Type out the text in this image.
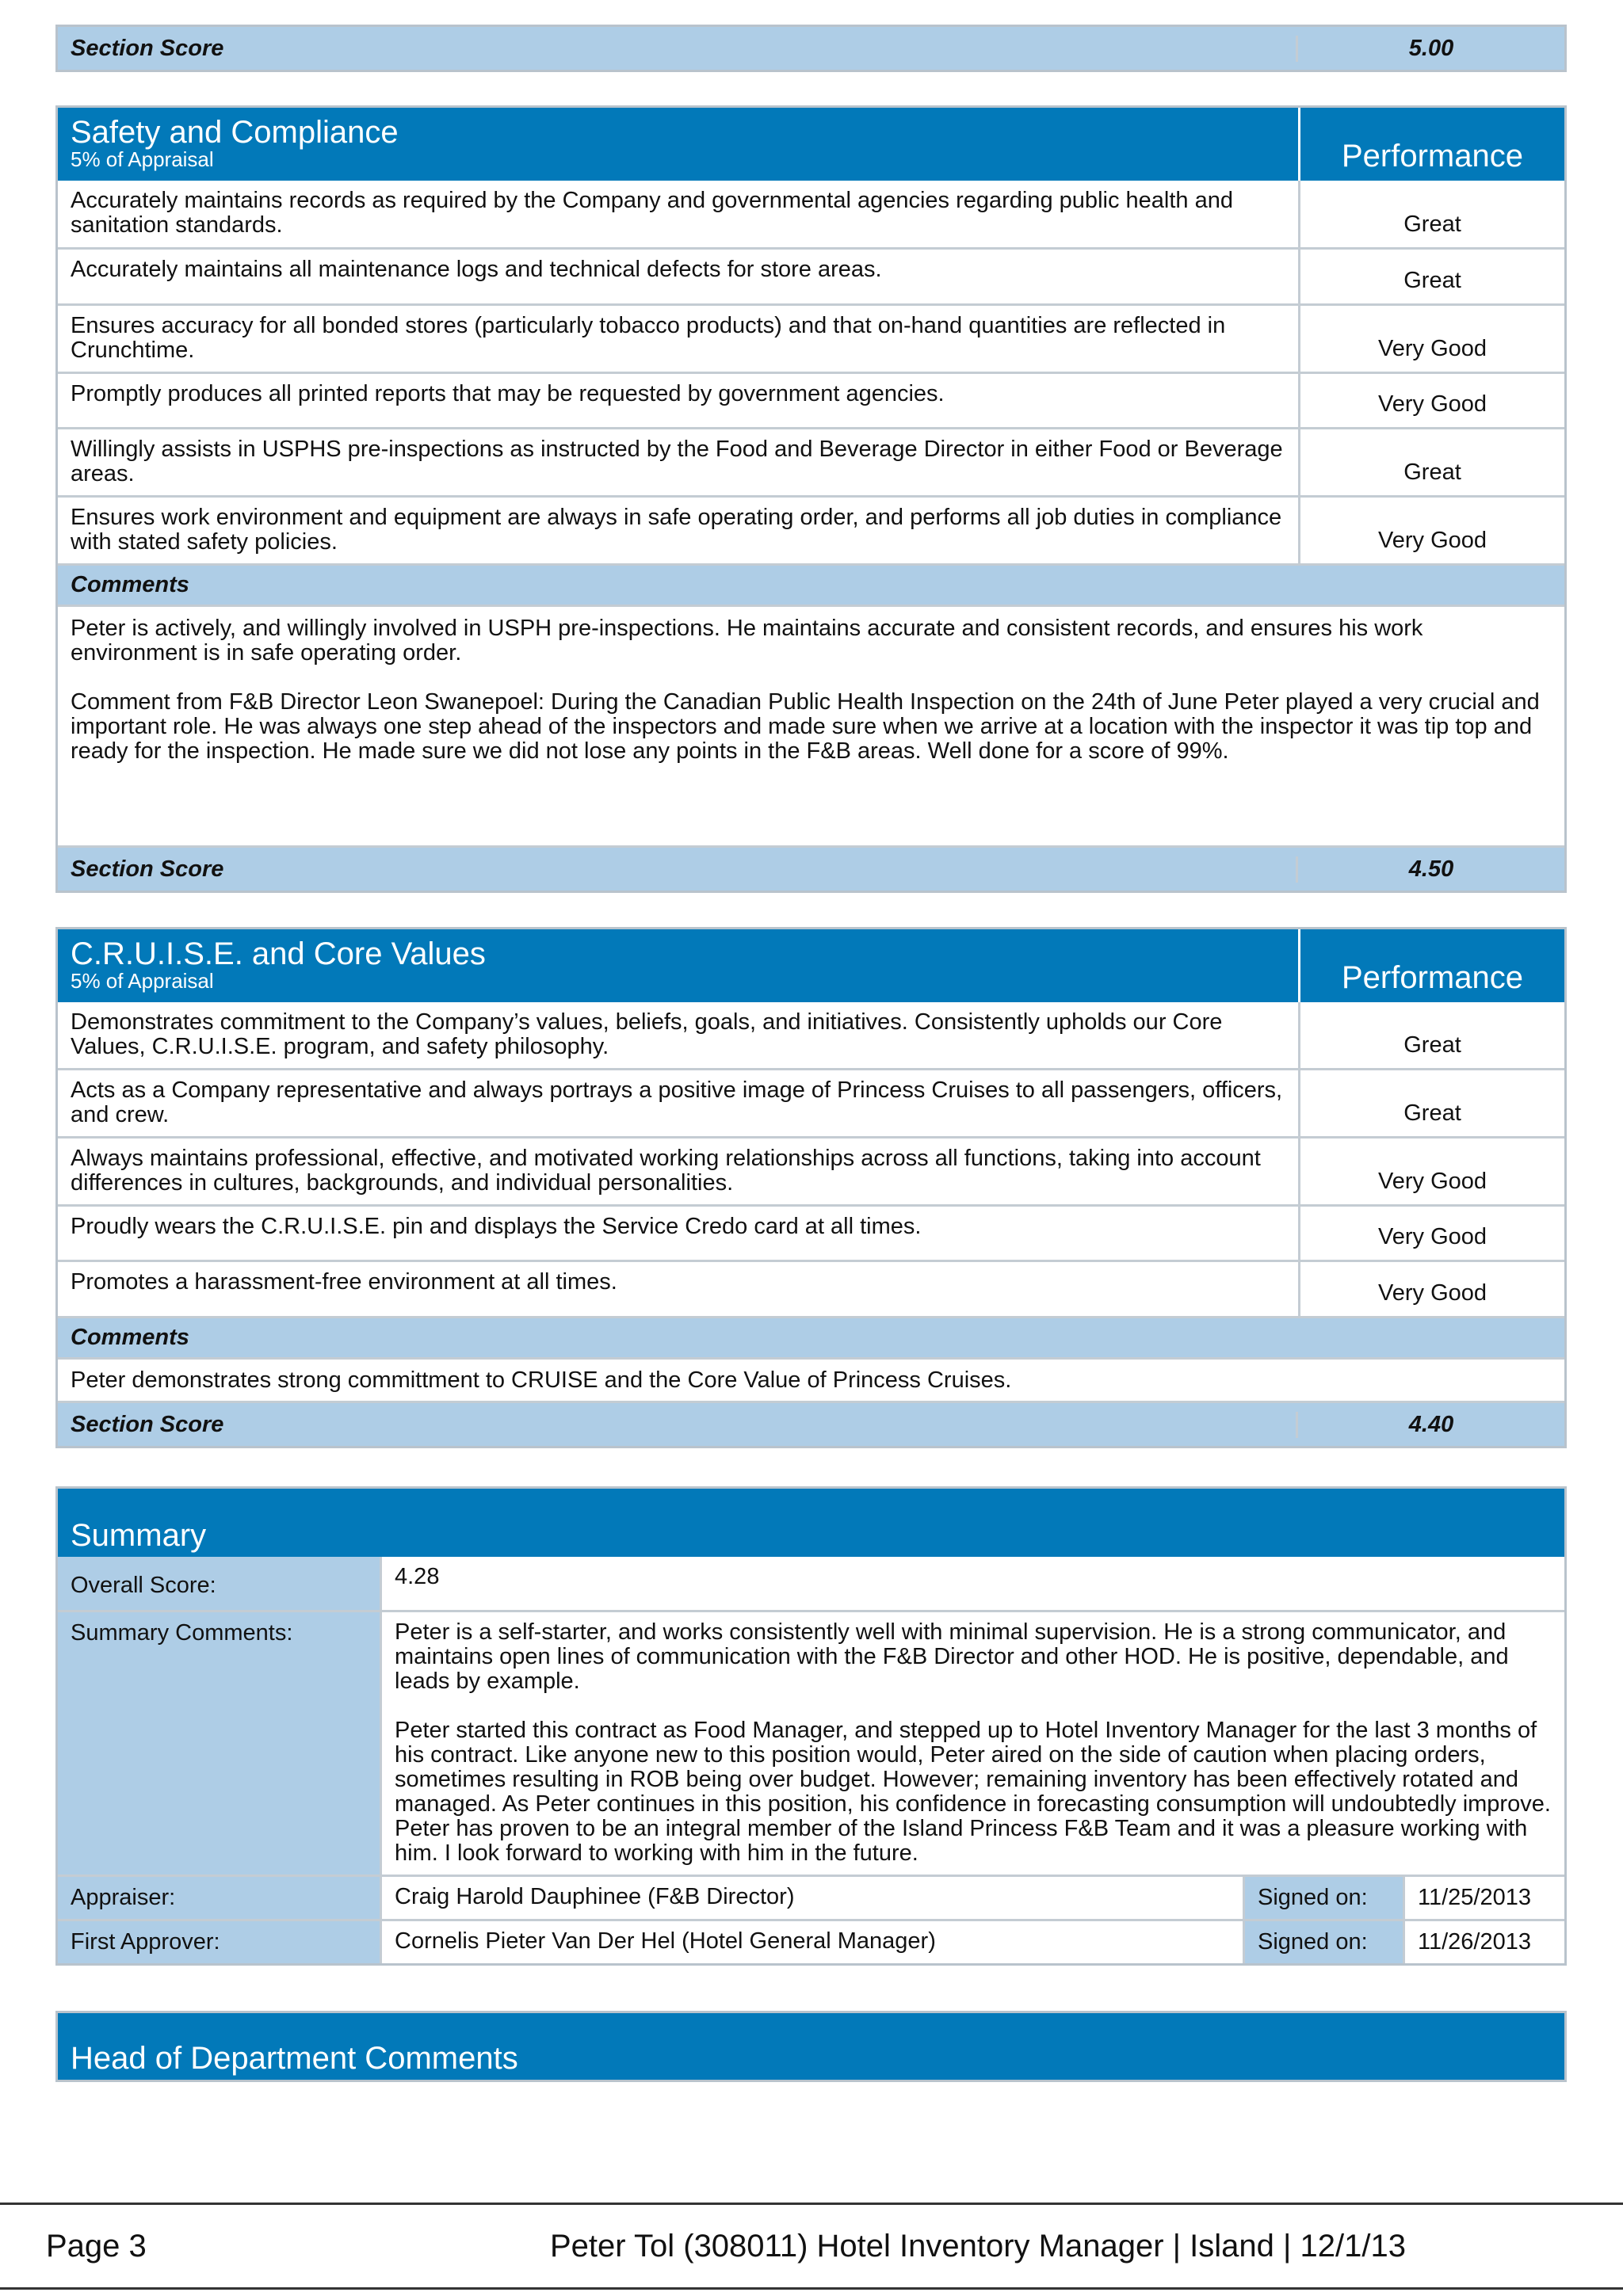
Section Score	5.00
Safety and Compliance
5% of Appraisal	Performance
Accurately maintains records as required by the Company and governmental agencies regarding public health and sanitation standards.	Great
Accurately maintains all maintenance logs and technical defects for store areas.	Great
Ensures accuracy for all bonded stores (particularly tobacco products) and that on-hand quantities are reflected in Crunchtime.	Very Good
Promptly produces all printed reports that may be requested by government agencies.	Very Good
Willingly assists in USPHS pre-inspections as instructed by the Food and Beverage Director in either Food or Beverage areas.	Great
Ensures work environment and equipment are always in safe operating order, and performs all job duties in compliance with stated safety policies.	Very Good
Comments

Peter is actively, and willingly involved in USPH pre-inspections. He maintains accurate and consistent records, and ensures his work environment is in safe operating order.

Comment from F&B Director Leon Swanepoel: During the Canadian Public Health Inspection on the 24th of June Peter played a very crucial and important role. He was always one step ahead of the inspectors and made sure when we arrive at a location with the inspector it was tip top and ready for the inspection. He made sure we did not lose any points in the F&B areas. Well done for a score of 99%.

Section Score	4.50
C.R.U.I.S.E. and Core Values
5% of Appraisal	Performance
Demonstrates commitment to the Company’s values, beliefs, goals, and initiatives. Consistently upholds our Core Values, C.R.U.I.S.E. program, and safety philosophy.	Great
Acts as a Company representative and always portrays a positive image of Princess Cruises to all passengers, officers, and crew.	Great
Always maintains professional, effective, and motivated working relationships across all functions, taking into account differences in cultures, backgrounds, and individual personalities.	Very Good
Proudly wears the C.R.U.I.S.E. pin and displays the Service Credo card at all times.	Very Good
Promotes a harassment-free environment at all times.	Very Good
Comments

Peter demonstrates strong committment to CRUISE and the Core Value of Princess Cruises.

Section Score	4.40
Summary
Overall Score:	4.28
Summary Comments:	Peter is a self-starter, and works consistently well with minimal supervision. He is a strong communicator, and maintains open lines of communication with the F&B Director and other HOD. He is positive, dependable, and leads by example.

Peter started this contract as Food Manager, and stepped up to Hotel Inventory Manager for the last 3 months of his contract. Like anyone new to this position would, Peter aired on the side of caution when placing orders, sometimes resulting in ROB being over budget. However; remaining inventory has been effectively rotated and managed. As Peter continues in this position, his confidence in forecasting consumption will undoubtedly improve. Peter has proven to be an integral member of the Island Princess F&B Team and it was a pleasure working with him. I look forward to working with him in the future.

Appraiser:	Craig Harold Dauphinee (F&B Director)	Signed on:	11/25/2013
First Approver:	Cornelis Pieter Van Der Hel (Hotel General Manager)	Signed on:	11/26/2013
Head of Department Comments
Page 3	Peter Tol (308011) Hotel Inventory Manager | Island | 12/1/13
